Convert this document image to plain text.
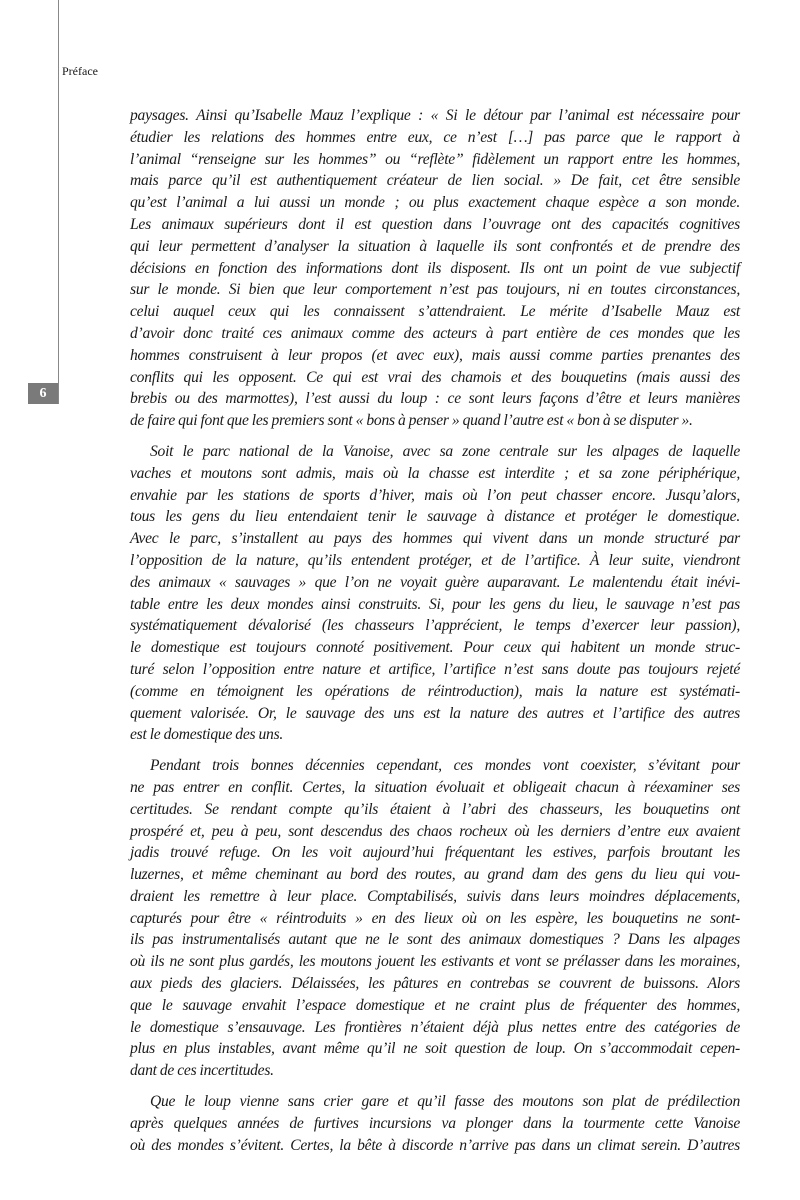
6
Préface
paysages. Ainsi qu’Isabelle Mauz l’explique : « Si le détour par l’animal est nécessaire pour
étudier les relations des hommes entre eux, ce n’est […] pas parce que le rapport à
l’animal “renseigne sur les hommes” ou “reflète” fidèlement un rapport entre les hommes,
mais parce qu’il est authentiquement créateur de lien social. » De fait, cet être sensible
qu’est l’animal a lui aussi un monde ; ou plus exactement chaque espèce a son monde.
Les animaux supérieurs dont il est question dans l’ouvrage ont des capacités cognitives
qui leur permettent d’analyser la situation à laquelle ils sont confrontés et de prendre des
décisions en fonction des informations dont ils disposent. Ils ont un point de vue subjectif
sur le monde. Si bien que leur comportement n’est pas toujours, ni en toutes circonstances,
celui auquel ceux qui les connaissent s’attendraient. Le mérite d’Isabelle Mauz est
d’avoir donc traité ces animaux comme des acteurs à part entière de ces mondes que les
hommes construisent à leur propos (et avec eux), mais aussi comme parties prenantes des
conflits qui les opposent. Ce qui est vrai des chamois et des bouquetins (mais aussi des
brebis ou des marmottes), l’est aussi du loup : ce sont leurs façons d’être et leurs manières
de faire qui font que les premiers sont « bons à penser » quand l’autre est « bon à se disputer ».
Soit le parc national de la Vanoise, avec sa zone centrale sur les alpages de laquelle
vaches et moutons sont admis, mais où la chasse est interdite ; et sa zone périphérique,
envahie par les stations de sports d’hiver, mais où l’on peut chasser encore. Jusqu’alors,
tous les gens du lieu entendaient tenir le sauvage à distance et protéger le domestique.
Avec le parc, s’installent au pays des hommes qui vivent dans un monde structuré par
l’opposition de la nature, qu’ils entendent protéger, et de l’artifice. À leur suite, viendront
des animaux « sauvages » que l’on ne voyait guère auparavant. Le malentendu était inévi-
table entre les deux mondes ainsi construits. Si, pour les gens du lieu, le sauvage n’est pas
systématiquement dévalorisé (les chasseurs l’apprécient, le temps d’exercer leur passion),
le domestique est toujours connoté positivement. Pour ceux qui habitent un monde struc-
turé selon l’opposition entre nature et artifice, l’artifice n’est sans doute pas toujours rejeté
(comme en témoignent les opérations de réintroduction), mais la nature est systémati-
quement valorisée. Or, le sauvage des uns est la nature des autres et l’artifice des autres
est le domestique des uns.
Pendant trois bonnes décennies cependant, ces mondes vont coexister, s’évitant pour
ne pas entrer en conflit. Certes, la situation évoluait et obligeait chacun à réexaminer ses
certitudes. Se rendant compte qu’ils étaient à l’abri des chasseurs, les bouquetins ont
prospéré et, peu à peu, sont descendus des chaos rocheux où les derniers d’entre eux avaient
jadis trouvé refuge. On les voit aujourd’hui fréquentant les estives, parfois broutant les
luzernes, et même cheminant au bord des routes, au grand dam des gens du lieu qui vou-
draient les remettre à leur place. Comptabilisés, suivis dans leurs moindres déplacements,
capturés pour être « réintroduits » en des lieux où on les espère, les bouquetins ne sont-
ils pas instrumentalisés autant que ne le sont des animaux domestiques ? Dans les alpages
où ils ne sont plus gardés, les moutons jouent les estivants et vont se prélasser dans les moraines,
aux pieds des glaciers. Délaissées, les pâtures en contrebas se couvrent de buissons. Alors
que le sauvage envahit l’espace domestique et ne craint plus de fréquenter des hommes,
le domestique s’ensauvage. Les frontières n’étaient déjà plus nettes entre des catégories de
plus en plus instables, avant même qu’il ne soit question de loup. On s’accommodait cepen-
dant de ces incertitudes.
Que le loup vienne sans crier gare et qu’il fasse des moutons son plat de prédilection
après quelques années de furtives incursions va plonger dans la tourmente cette Vanoise
où des mondes s’évitent. Certes, la bête à discorde n’arrive pas dans un climat serein. D’autres
